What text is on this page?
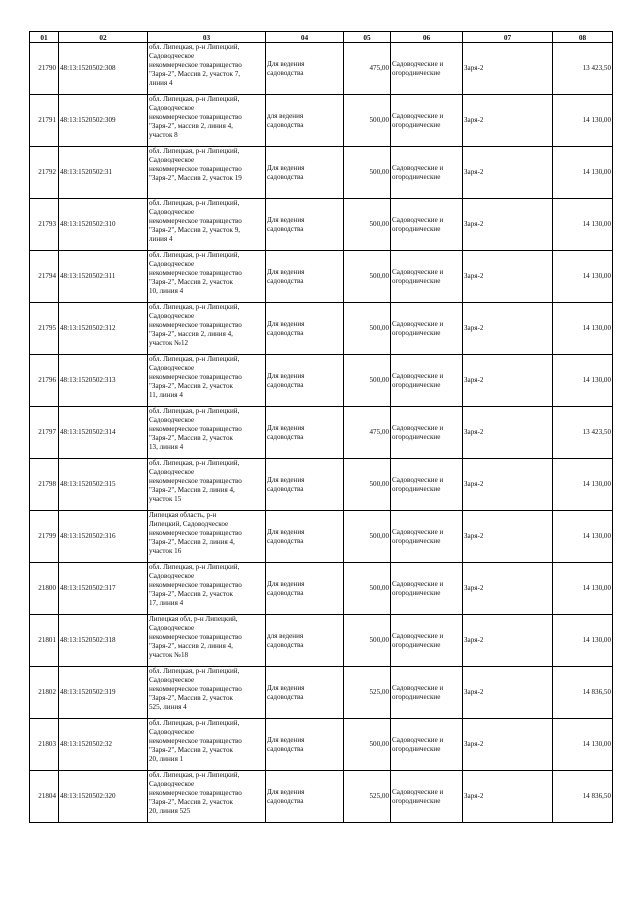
01	02	03	04	05	06	07	08
21790	48:13:1520502:308	обл. Липецкая, р-н Липецкий,
Садоводческое
некоммерческое товарищество
"Заря-2", Массив 2, участок 7,
линия 4	Для ведения
садоводства	475,00	Садоводческие и
огороднические	Заря-2	13 423,50
21791	48:13:1520502:309	обл. Липецкая, р-н Липецкий,
Садоводческое
некоммерческое товарищество
"Заря-2", массив 2, линия 4,
участок 8	для ведения
садоводства	500,00	Садоводческие и
огороднические	Заря-2	14 130,00
21792	48:13:1520502:31	обл. Липецкая, р-н Липецкий,
Садоводческое
некоммерческое товарищество
"Заря-2", Массив 2, участок 19	Для ведения
садоводства	500,00	Садоводческие и
огороднические	Заря-2	14 130,00
21793	48:13:1520502:310	обл. Липецкая, р-н Липецкий,
Садоводческое
некоммерческое товарищество
"Заря-2", Массив 2, участок 9,
линия 4	Для ведения
садоводства	500,00	Садоводческие и
огороднические	Заря-2	14 130,00
21794	48:13:1520502:311	обл. Липецкая, р-н Липецкий,
Садоводческое
некоммерческое товарищество
"Заря-2", Массив 2, участок
10, линия 4	Для ведения
садоводства	500,00	Садоводческие и
огороднические	Заря-2	14 130,00
21795	48:13:1520502:312	обл. Липецкая, р-н Липецкий,
Садоводческое
некоммерческое товарищество
"Заря-2", массив 2, линия 4,
участок №12	Для ведения
садоводства	500,00	Садоводческие и
огороднические	Заря-2	14 130,00
21796	48:13:1520502:313	обл. Липецкая, р-н Липецкий,
Садоводческое
некоммерческое товарищество
"Заря-2", Массив 2, участок
11, линия 4	Для ведения
садоводства	500,00	Садоводческие и
огороднические	Заря-2	14 130,00
21797	48:13:1520502:314	обл. Липецкая, р-н Липецкий,
Садоводческое
некоммерческое товарищество
"Заря-2", Массив 2, участок
13, линия 4	Для ведения
садоводства	475,00	Садоводческие и
огороднические	Заря-2	13 423,50
21798	48:13:1520502:315	обл. Липецкая, р-н Липецкий,
Садоводческое
некоммерческое товарищество
"Заря-2", Массив 2, линия 4,
участок 15	Для ведения
садоводства	500,00	Садоводческие и
огороднические	Заря-2	14 130,00
21799	48:13:1520502:316	Липецкая область, р-н
Липецкий, Садоводческое
некоммерческое товарищество
"Заря-2", Массив 2, линия 4,
участок 16	Для ведения
садоводства	500,00	Садоводческие и
огороднические	Заря-2	14 130,00
21800	48:13:1520502:317	обл. Липецкая, р-н Липецкий,
Садоводческое
некоммерческое товарищество
"Заря-2", Массив 2, участок
17, линия 4	Для ведения
садоводства	500,00	Садоводческие и
огороднические	Заря-2	14 130,00
21801	48:13:1520502:318	Липецкая обл, р-н Липецкий,
Садоводческое
некоммерческое товарищество
"Заря-2", массив 2, линия 4,
участок №18	для ведения
садоводства	500,00	Садоводческие и
огороднические	Заря-2	14 130,00
21802	48:13:1520502:319	обл. Липецкая, р-н Липецкий,
Садоводческое
некоммерческое товарищество
"Заря-2", Массив 2, участок
525, линия 4	Для ведения
садоводства	525,00	Садоводческие и
огороднические	Заря-2	14 836,50
21803	48:13:1520502:32	обл. Липецкая, р-н Липецкий,
Садоводческое
некоммерческое товарищество
"Заря-2", Массив 2, участок
20, линия 1	Для ведения
садоводства	500,00	Садоводческие и
огороднические	Заря-2	14 130,00
21804	48:13:1520502:320	обл. Липецкая, р-н Липецкий,
Садоводческое
некоммерческое товарищество
"Заря-2", Массив 2, участок
20, линия 525	Для ведения
садоводства	525,00	Садоводческие и
огороднические	Заря-2	14 836,50
